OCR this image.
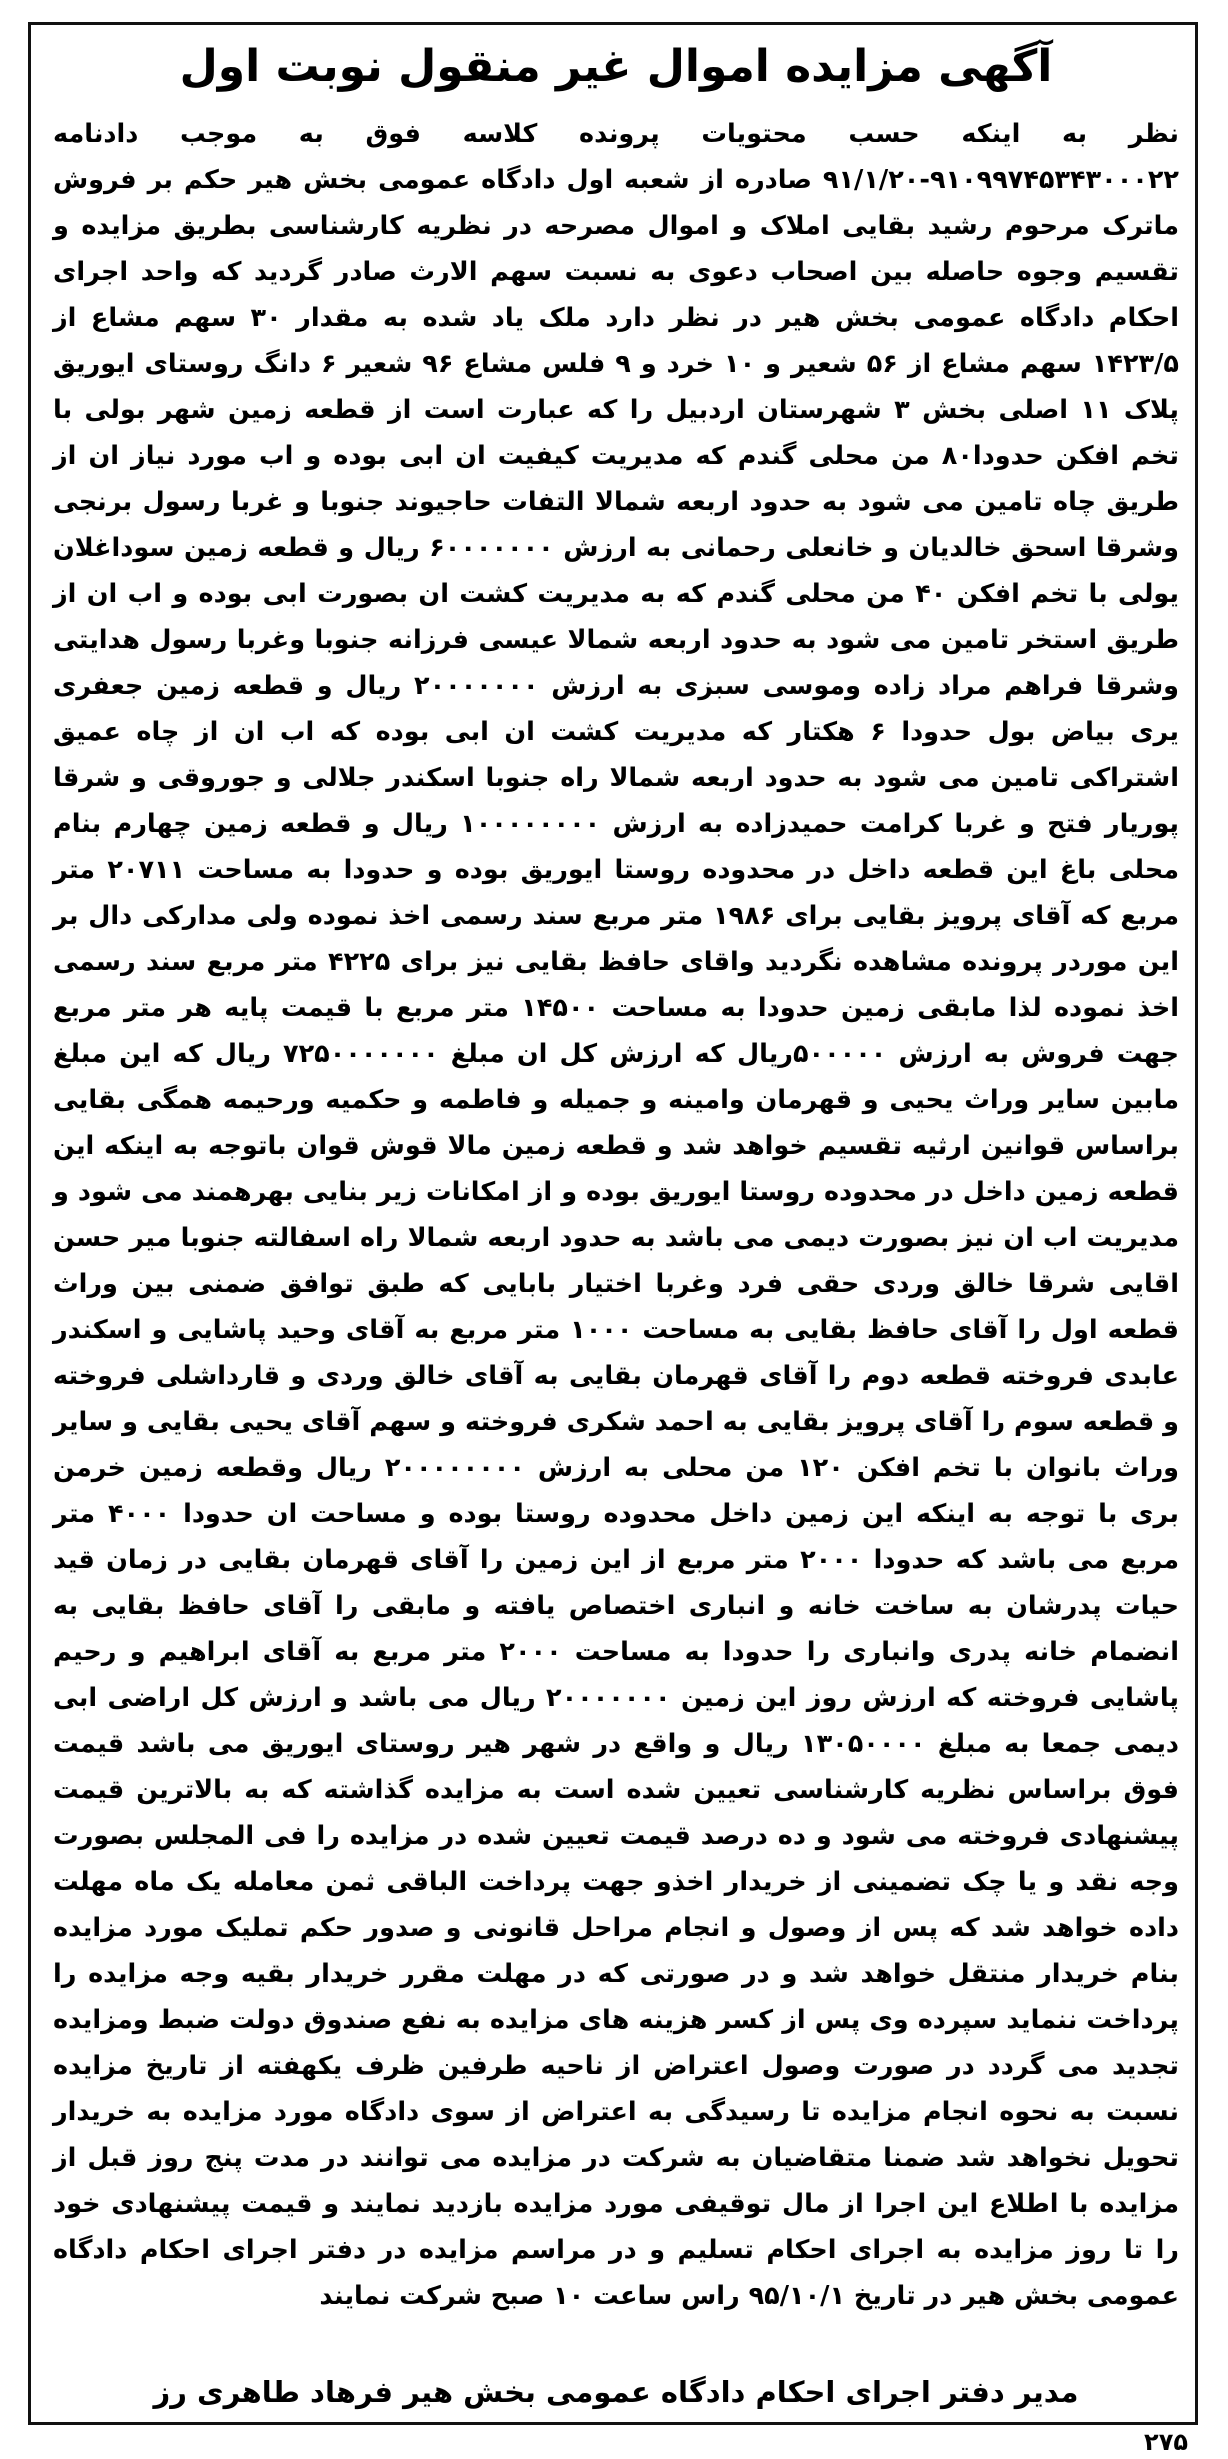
آگهی مزایده اموال غیر منقول نوبت اول

نظر به اینکه حسب محتویات پرونده کلاسه فوق به موجب دادنامه ۹۱۰۹۹۷۴۵۳۴۳۰۰۰۲۲-۹۱/۱/۲۰ صادره از شعبه اول دادگاه عمومی بخش هیر حکم بر فروش ماترک مرحوم رشید بقایی املاک و اموال مصرحه در نظریه کارشناسی بطریق مزایده و تقسیم وجوه حاصله بین اصحاب دعوی به نسبت سهم الارث صادر گردید که واحد اجرای احکام دادگاه عمومی بخش هیر در نظر دارد ملک یاد شده به مقدار ۳۰ سهم مشاع از ۱۴۲۳/۵ سهم مشاع از ۵۶ شعیر و ۱۰ خرد و ۹ فلس مشاع ۹۶ شعیر ۶ دانگ روستای ایوریق پلاک ۱۱ اصلی بخش ۳ شهرستان اردبیل را که عبارت است از قطعه زمین شهر بولی با تخم افکن حدودا۸۰ من محلی گندم که مدیریت کیفیت ان ابی بوده و اب مورد نیاز ان از طریق چاه تامین می شود به حدود اربعه شمالا التفات حاجیوند جنوبا و غربا رسول برنجی وشرقا اسحق خالدیان و خانعلی رحمانی به ارزش ۶۰۰۰۰۰۰۰ ریال و قطعه زمین سوداغلان یولی با تخم افکن ۴۰ من محلی گندم که به مدیریت کشت ان بصورت ابی بوده و اب ان از طریق استخر تامین می شود به حدود اربعه شمالا عیسی فرزانه جنوبا وغربا رسول هدایتی وشرقا فراهم مراد زاده وموسی سبزی به ارزش ۲۰۰۰۰۰۰۰ ریال و قطعه زمین جعفری یری بیاض بول حدودا ۶ هکتار که مدیریت کشت ان ابی بوده که اب ان از چاه عمیق اشتراکی تامین می شود به حدود اربعه شمالا راه جنوبا اسکندر جلالی و جوروقی و شرقا پوریار فتح و غربا کرامت حمیدزاده به ارزش ۱۰۰۰۰۰۰۰۰ ریال و قطعه زمین چهارم بنام محلی باغ این قطعه داخل در محدوده روستا ایوریق بوده و حدودا به مساحت ۲۰۷۱۱ متر مربع که آقای پرویز بقایی برای ۱۹۸۶ متر مربع سند رسمی اخذ نموده ولی مدارکی دال بر این موردر پرونده مشاهده نگردید واقای حافظ بقایی نیز برای ۴۲۲۵ متر مربع سند رسمی اخذ نموده لذا مابقی زمین حدودا به مساحت ۱۴۵۰۰ متر مربع با قیمت پایه هر متر مربع جهت فروش به ارزش ۵۰۰۰۰۰ریال که ارزش کل ان مبلغ ۷۲۵۰۰۰۰۰۰۰ ریال که این مبلغ مابین سایر وراث یحیی و قهرمان وامینه و جمیله و فاطمه و حکمیه ورحیمه همگی بقایی براساس قوانین ارثیه تقسیم خواهد شد و قطعه زمین مالا قوش قوان باتوجه به اینکه این قطعه زمین داخل در محدوده روستا ایوریق بوده و از امکانات زیر بنایی بهرهمند می شود و مدیریت اب ان نیز بصورت دیمی می باشد به حدود اربعه شمالا راه اسفالته جنوبا میر حسن اقایی شرقا خالق وردی حقی فرد وغربا اختیار بابایی که طبق توافق ضمنی بین وراث قطعه اول را آقای حافظ بقایی به مساحت ۱۰۰۰ متر مربع به آقای وحید پاشایی و اسکندر عابدی فروخته قطعه دوم را آقای قهرمان بقایی به آقای خالق وردی و قارداشلی فروخته و قطعه سوم را آقای پرویز بقایی به احمد شکری فروخته و سهم آقای یحیی بقایی و سایر وراث بانوان با تخم افکن ۱۲۰ من محلی به ارزش ۲۰۰۰۰۰۰۰۰ ریال وقطعه زمین خرمن بری با توجه به اینکه این زمین داخل محدوده روستا بوده و مساحت ان حدودا ۴۰۰۰ متر مربع می باشد که حدودا ۲۰۰۰ متر مربع از این زمین را آقای قهرمان بقایی در زمان قید حیات پدرشان به ساخت خانه و انباری اختصاص یافته و مابقی را آقای حافظ بقایی به انضمام خانه پدری وانباری را حدودا به مساحت ۲۰۰۰ متر مربع به آقای ابراهیم و رحیم پاشایی فروخته که ارزش روز این زمین ۲۰۰۰۰۰۰۰ ریال می باشد و ارزش کل اراضی ابی دیمی جمعا به مبلغ ۱۳۰۵۰۰۰۰ ریال و واقع در شهر هیر روستای ایوریق می باشد قیمت فوق براساس نظریه کارشناسی تعیین شده است به مزایده گذاشته که به بالاترین قیمت پیشنهادی فروخته می شود و ده درصد قیمت تعیین شده در مزایده را فی المجلس بصورت وجه نقد و یا چک تضمینی از خریدار اخذو جهت پرداخت الباقی ثمن معامله یک ماه مهلت داده خواهد شد که پس از وصول و انجام مراحل قانونی و صدور حکم تملیک مورد مزایده بنام خریدار منتقل خواهد شد و در صورتی که در مهلت مقرر خریدار بقیه وجه مزایده را پرداخت ننماید سپرده وی پس از کسر هزینه های مزایده به نفع صندوق دولت ضبط ومزایده تجدید می گردد در صورت وصول اعتراض از ناحیه طرفین ظرف یکهفته از تاریخ مزایده نسبت به نحوه انجام مزایده تا رسیدگی به اعتراض از سوی دادگاه مورد مزایده به خریدار تحویل نخواهد شد ضمنا متقاضیان به شرکت در مزایده می توانند در مدت پنج روز قبل از مزایده با اطلاع این اجرا از مال توقیفی مورد مزایده بازدید نمایند و قیمت پیشنهادی خود را تا روز مزایده به اجرای احکام تسلیم و در مراسم مزایده در دفتر اجرای احکام دادگاه عمومی بخش هیر در تاریخ ۹۵/۱۰/۱ راس ساعت ۱۰ صبح شرکت نمایند

مدیر دفتر اجرای احکام دادگاه عمومی بخش هیر فرهاد طاهری رز
۲۷۵
